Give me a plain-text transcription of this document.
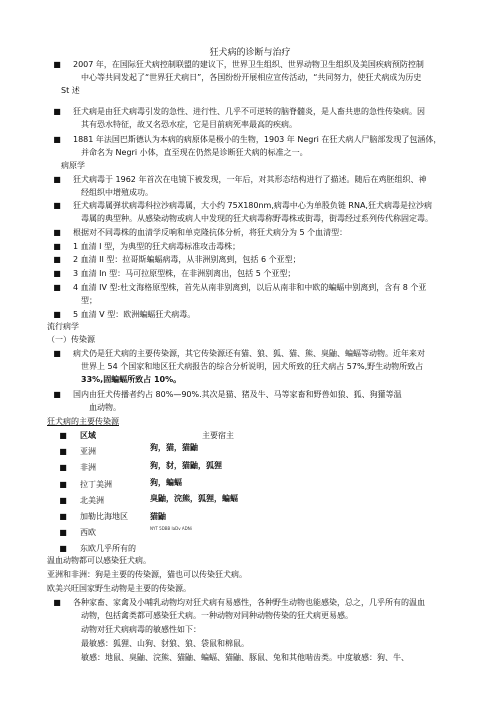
狂犬病的诊断与治疗
■ 2007 年，在国际狂犬病控制联盟的建议下，世界卫生组织、世界动物卫生组织及美国疾病预防控制
中心等共同发起了“世界狂犬病日”，各国纷纷开展相应宣传活动，“共同努力，使狂犬病成为历史
St 述
■ 狂犬病是由狂犬病毒引发的急性、进行性、几乎不可逆转的脑脊髓炎，是人畜共患的急性传染病。因
其有恐水特征，故又名恐水症，它是目前病死率最高的疾病。
■ 1881 年法国巴斯德认为本病的病原体是极小的生物，1903 年 Negri 在狂犬病人尸脑部发现了包涵体，
并命名为 Negri 小体，直至现在仍然是诊断狂犬病的标准之一。
病原学
■ 狂犬病毒于 1962 年首次在电镜下被发现，一年后，对其形态结构进行了描述。随后在鸡胚组织、神
经组织中增殖成功。
■ 狂犬病毒属弹状病毒科拉沙病毒属，大小约 75X180nm,病毒中心为单股负链 RNA,狂犬病毒是拉沙病
毒属的典型种。从感染动物或病人中发现的狂犬病毒称野毒株或街毒，街毒经过系列传代称固定毒。
■ 根据对不同毒株的血清学反响和单克隆抗体分析，将狂犬病分为 5 个血清型：
■ 1 血清 I 型，为典型的狂犬病毒标准攻击毒株；
■ 2 血清 II 型：拉哥斯蝙蝠病毒，从非洲别离到，包括 6 个亚型；
■ 3 血清 In 型：马可拉原型株，在非洲别离出，包括 5 个亚型；
■ 4 血清 IV 型:杜文海格原型株，首先从南非别离到，以后从南非和中欧的蝙蝠中别离到，含有 8 个亚
型；
■ 5 血清 V 型：欧洲蝙蝠狂犬病毒。
流行病学
（一）传染源
■ 病犬仍是狂犬病的主要传染源，其它传染源还有猫、狼、狐、猫、熊、臭鼬、蝙蝠等动物。近年来对
世界上 54 个国家和地区狂犬病报告的综合分析说明，因犬所致的狂犬病占 57%,野生动物所致占
33%,固蝙蝠所致占 10%。
■ 国内由狂犬传播者约占 80%—90%.其次是猫、猪及牛、马等家畜和野兽如狼、狐、狗獾等温
血动物。
狂犬病的主要传染源
■ 区域	主要宿主
■ 亚洲
■ 非洲
■ 拉丁美洲
■ 北美洲
■ 加勒比海地区
■ 西欧
■ 东欧几乎所有的
狗，猫，猫鼬
狗，豺，猫鼬，狐狸
狗，蝙蝠
臭鼬，浣熊，狐狸，蝙蝠
猫鼬
NYT 5DBB IaDv ADNi
温血动物都可以感染狂犬病。
亚洲和非洲：狗是主要的传染源，猫也可以传染狂犬病。
欧美兴旺国家野生动物是主要的传染源。
■ 各种家畜、家禽及小哺乳动物均对狂犬病有易感性，各种野生动物也能感染，总之，几乎所有的温血
动物，包括禽类都可感染狂犬病。一种动物对同种动物传染的狂犬病更易感。
动物对狂犬病病毒的敏感性如下：
最敏感：狐狸、山狗、豺狼、狼、袋鼠和棉鼠。
敏感：地鼠、臭鼬、浣熊、猫鼬、蝙蝠、猫鼬、豚鼠、兔和其他啮齿类。中度敏感：狗、牛、
